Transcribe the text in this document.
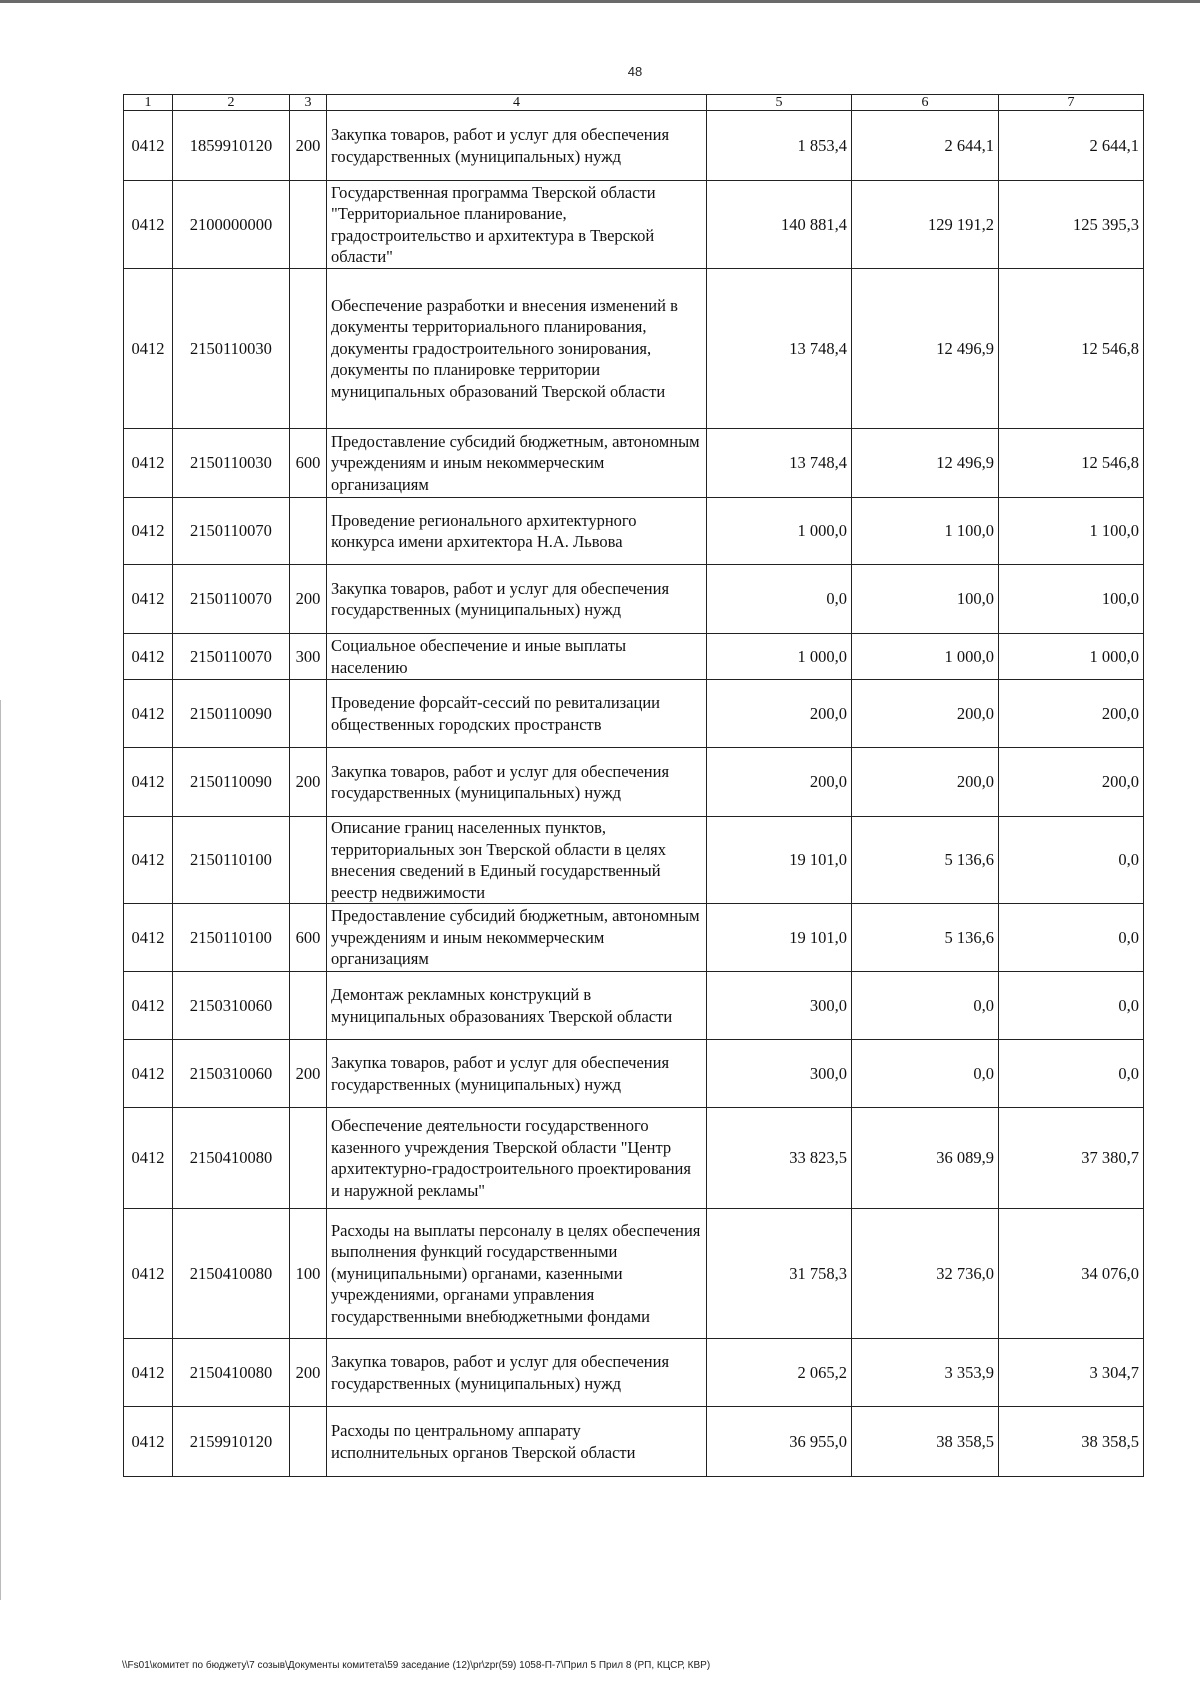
48
1	2	3	4	5	6	7
0412	1859910120	200	Закупка товаров, работ и услуг для обеспечения государственных (муниципальных) нужд	1 853,4	2 644,1	2 644,1
0412	2100000000		Государственная программа Тверской области "Территориальное планирование, градостроительство и архитектура в Тверской области"	140 881,4	129 191,2	125 395,3
0412	2150110030		Обеспечение разработки и внесения изменений в документы территориального планирования, документы градостроительного зонирования, документы по планировке территории муниципальных образований Тверской области	13 748,4	12 496,9	12 546,8
0412	2150110030	600	Предоставление субсидий бюджетным, автономным учреждениям и иным некоммерческим организациям	13 748,4	12 496,9	12 546,8
0412	2150110070		Проведение регионального архитектурного конкурса имени архитектора Н.А. Львова	1 000,0	1 100,0	1 100,0
0412	2150110070	200	Закупка товаров, работ и услуг для обеспечения государственных (муниципальных) нужд	0,0	100,0	100,0
0412	2150110070	300	Социальное обеспечение и иные выплаты населению	1 000,0	1 000,0	1 000,0
0412	2150110090		Проведение форсайт-сессий по ревитализации общественных городских пространств	200,0	200,0	200,0
0412	2150110090	200	Закупка товаров, работ и услуг для обеспечения государственных (муниципальных) нужд	200,0	200,0	200,0
0412	2150110100		Описание границ населенных пунктов, территориальных зон Тверской области в целях внесения сведений в Единый государственный реестр недвижимости	19 101,0	5 136,6	0,0
0412	2150110100	600	Предоставление субсидий бюджетным, автономным учреждениям и иным некоммерческим организациям	19 101,0	5 136,6	0,0
0412	2150310060		Демонтаж рекламных конструкций в муниципальных образованиях Тверской области	300,0	0,0	0,0
0412	2150310060	200	Закупка товаров, работ и услуг для обеспечения государственных (муниципальных) нужд	300,0	0,0	0,0
0412	2150410080		Обеспечение деятельности государственного казенного учреждения Тверской области "Центр архитектурно-градостроительного проектирования и наружной рекламы"	33 823,5	36 089,9	37 380,7
0412	2150410080	100	Расходы на выплаты персоналу в целях обеспечения выполнения функций государственными (муниципальными) органами, казенными учреждениями, органами управления государственными внебюджетными фондами	31 758,3	32 736,0	34 076,0
0412	2150410080	200	Закупка товаров, работ и услуг для обеспечения государственных (муниципальных) нужд	2 065,2	3 353,9	3 304,7
0412	2159910120		Расходы по центральному аппарату исполнительных органов Тверской области	36 955,0	38 358,5	38 358,5
\\Fs01\комитет по бюджету\7 созыв\Документы комитета\59 заседание (12)\pr\zpr(59) 1058-П-7\Прил 5 Прил 8 (РП, КЦСР, КВР)
